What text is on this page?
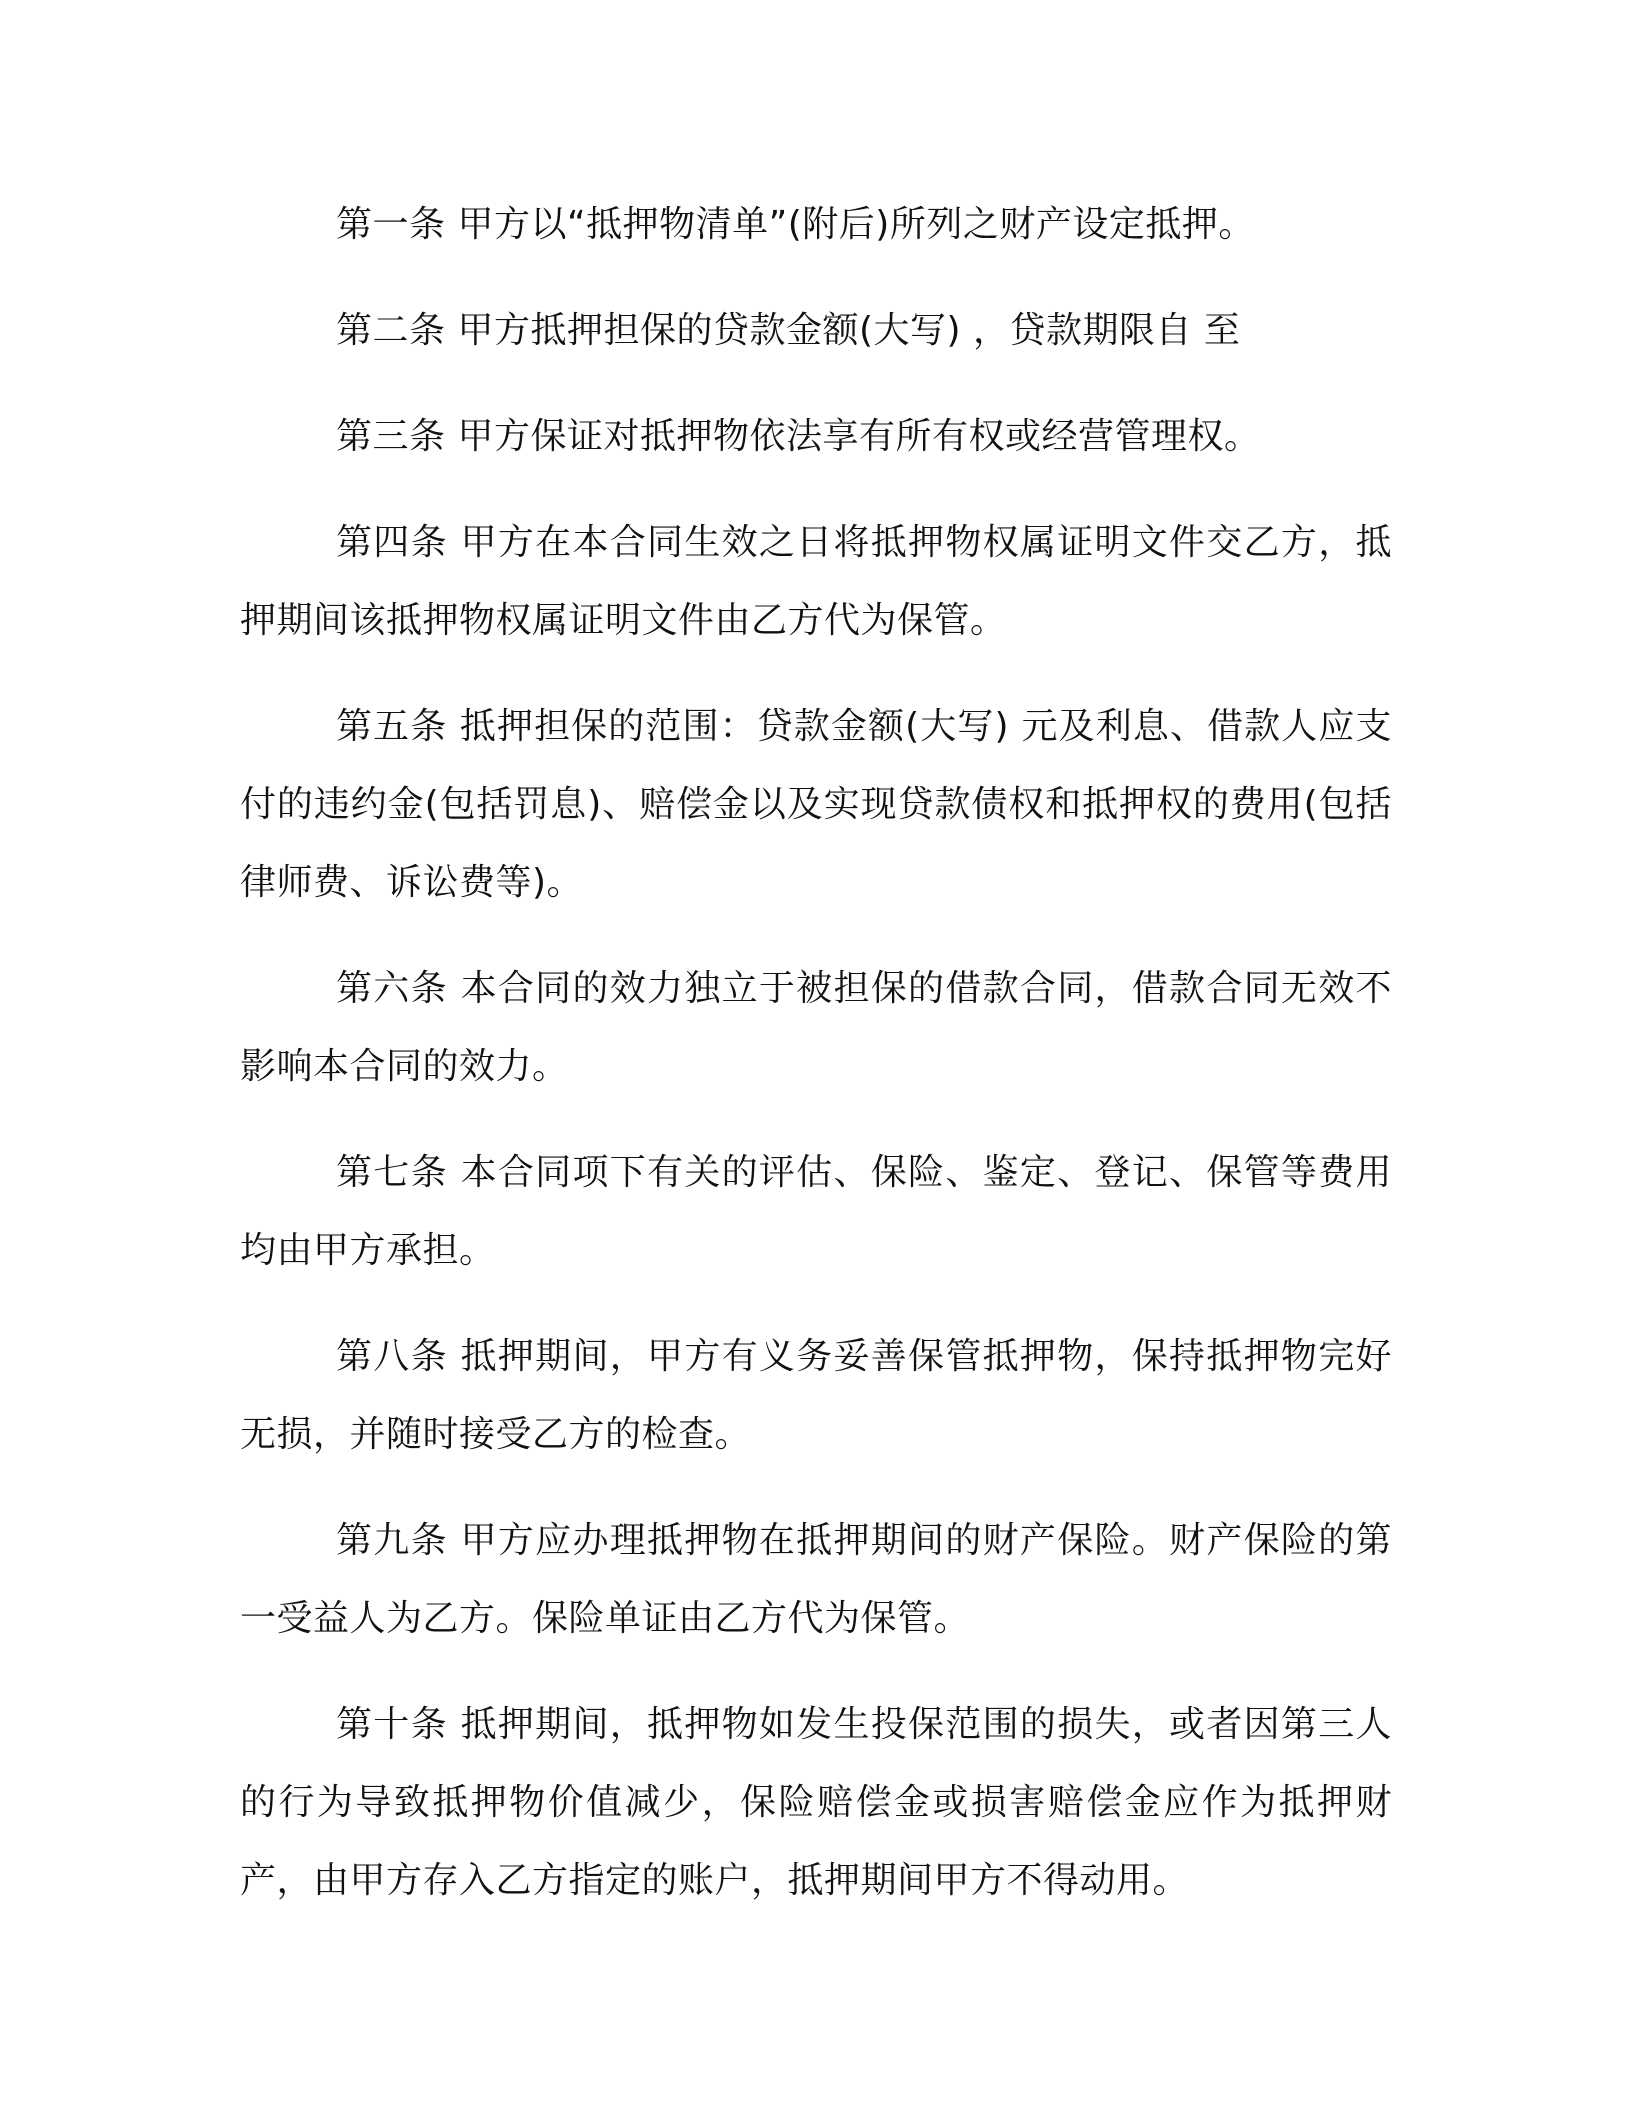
第一条 甲方以“抵押物清单”(附后)所列之财产设定抵押。

第二条 甲方抵押担保的贷款金额(大写) ，贷款期限自 至

第三条 甲方保证对抵押物依法享有所有权或经营管理权。

第四条 甲方在本合同生效之日将抵押物权属证明文件交乙方，抵押期间该抵押物权属证明文件由乙方代为保管。

第五条 抵押担保的范围：贷款金额(大写) 元及利息、借款人应支付的违约金(包括罚息)、赔偿金以及实现贷款债权和抵押权的费用(包括律师费、诉讼费等)。

第六条 本合同的效力独立于被担保的借款合同，借款合同无效不影响本合同的效力。

第七条 本合同项下有关的评估、保险、鉴定、登记、保管等费用均由甲方承担。

第八条 抵押期间，甲方有义务妥善保管抵押物，保持抵押物完好无损，并随时接受乙方的检查。

第九条 甲方应办理抵押物在抵押期间的财产保险。财产保险的第一受益人为乙方。保险单证由乙方代为保管。

第十条 抵押期间，抵押物如发生投保范围的损失，或者因第三人的行为导致抵押物价值减少，保险赔偿金或损害赔偿金应作为抵押财产，由甲方存入乙方指定的账户，抵押期间甲方不得动用。
